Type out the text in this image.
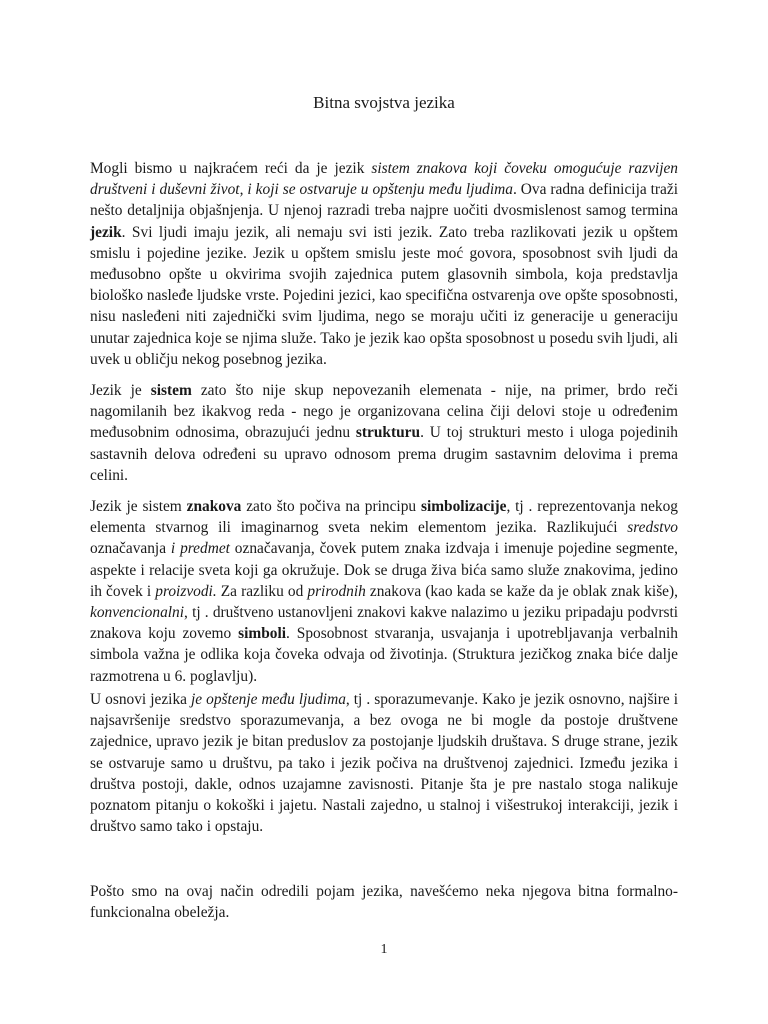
Bitna svojstva jezika

Mogli bismo u najkraćem reći da je jezik sistem znakova koji čoveku omogućuje razvijen društveni i duševni život, i koji se ostvaruje u opštenju među ljudima. Ova radna definicija traži nešto detaljnija objašnjenja. U njenoj razradi treba najpre uočiti dvosmislenost samog termina jezik. Svi ljudi imaju jezik, ali nemaju svi isti jezik. Zato treba razlikovati jezik u opštem smislu i pojedine jezike. Jezik u opštem smislu jeste moć govora, sposobnost svih ljudi da međusobno opšte u okvirima svojih zajednica putem glasovnih simbola, koja predstavlja biološko nasleđe ljudske vrste. Pojedini jezici, kao specifična ostvarenja ove opšte sposobnosti, nisu nasleđeni niti zajednički svim ljudima, nego se moraju učiti iz generacije u generaciju unutar zajednica koje se njima služe. Tako je jezik kao opšta sposobnost u posedu svih ljudi, ali uvek u obličju nekog posebnog jezika.

Jezik je sistem zato što nije skup nepovezanih elemenata - nije, na primer, brdo reči nagomilanih bez ikakvog reda - nego je organizovana celina čiji delovi stoje u određenim međusobnim odnosima, obrazujući jednu strukturu. U toj strukturi mesto i uloga pojedinih sastavnih delova određeni su upravo odnosom prema drugim sastavnim delovima i prema celini.

Jezik je sistem znakova zato što počiva na principu simbolizacije, tj . reprezentovanja nekog elementa stvarnog ili imaginarnog sveta nekim elementom jezika. Razlikujući sredstvo označavanja i predmet označavanja, čovek putem znaka izdvaja i imenuje pojedine segmente, aspekte i relacije sveta koji ga okružuje. Dok se druga živa bića samo služe znakovima, jedino ih čovek i proizvodi. Za razliku od prirodnih znakova (kao kada se kaže da je oblak znak kiše), konvencionalni, tj . društveno ustanovljeni znakovi kakve nalazimo u jeziku pripadaju podvrsti znakova koju zovemo simboli. Sposobnost stvaranja, usvajanja i upotrebljavanja verbalnih simbola važna je odlika koja čoveka odvaja od životinja. (Struktura jezičkog znaka biće dalje razmotrena u 6. poglavlju).

U osnovi jezika je opštenje među ljudima, tj . sporazumevanje. Kako je jezik osnovno, najšire i najsavršenije sredstvo sporazumevanja, a bez ovoga ne bi mogle da postoje društvene zajednice, upravo jezik je bitan preduslov za postojanje ljudskih društava. S druge strane, jezik se ostvaruje samo u društvu, pa tako i jezik počiva na društvenoj zajednici. Između jezika i društva postoji, dakle, odnos uzajamne zavisnosti. Pitanje šta je pre nastalo stoga nalikuje poznatom pitanju o kokoški i jajetu. Nastali zajedno, u stalnoj i višestrukoj interakciji, jezik i društvo samo tako i opstaju.

Pošto smo na ovaj način odredili pojam jezika, navešćemo neka njegova bitna formalno-funkcionalna obeležja.

1
